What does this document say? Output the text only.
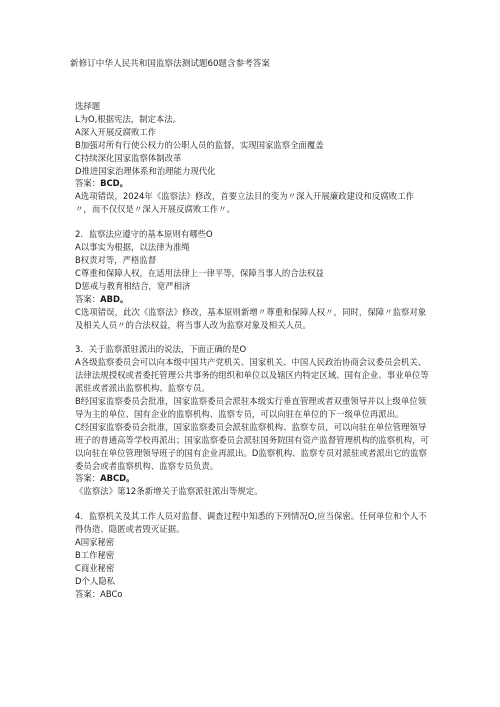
新修订中华人民共和国监察法测试题60题含参考答案
选择题
L为O,根据宪法，制定本法。
A深入开展反腐败工作
B加强对所有行使公权力的公职人员的监督，实现国家监察全面覆盖
C持续深化国家监察体制改革
D推进国家治理体系和治理能力现代化
答案：BCD。
A选项错误，2024年《监察法》修改，首要立法目的变为〃深入开展廉政建设和反腐败工作〃，而不仅仅是〃深入开展反腐败工作〃。
2．监察法应遵守的基本原则有哪些O
A以事实为根据，以法律为准绳
B权责对等，严格监督
C尊重和保障人权，在适用法律上一律平等，保障当事人的合法权益
D惩戒与教育相结合，宽严相济
答案：ABD。
C选项错误，此次《监察法》修改，基本原则新增〃尊重和保障人权〃，同时，保障〃监察对象及相关人员〃的合法权益，将当事人改为监察对象及相关人员。
3．关于监察派驻派出的说法，下面正确的是O
A各级监察委员会可以向本级中国共产党机关、国家机关、中国人民政治协商会议委员会机关、法律法规授权或者委托管理公共事务的组织和单位以及辖区内特定区域、国有企业、事业单位等派驻或者派出监察机构、监察专员。
B经国家监察委员会批准，国家监察委员会派驻本级实行垂直管理或者双重领导并以上级单位领导为主的单位、国有企业的监察机构、监察专员，可以向驻在单位的下一级单位再派出。
C经国家监察委员会批准，国家监察委员会派驻监察机构、监察专员，可以向驻在单位管理领导班子的普通高等学校再派出；国家监察委员会派驻国务院国有资产监督管理机构的监察机构，可以向驻在单位管理领导班子的国有企业再派出。D监察机构、监察专员对派驻或者派出它的监察委员会或者监察机构、监察专员负责。
答案：ABCD。
《监察法》第12条新增关于监察派驻派出等规定。
4．监察机关及其工作人员对监督、调查过程中知悉的下列情况O,应当保密。任何单位和个人不得伪造、隐匿或者毁灭证据。
A国家秘密
B工作秘密
C商业秘密
D个人隐私
答案：ABCo
